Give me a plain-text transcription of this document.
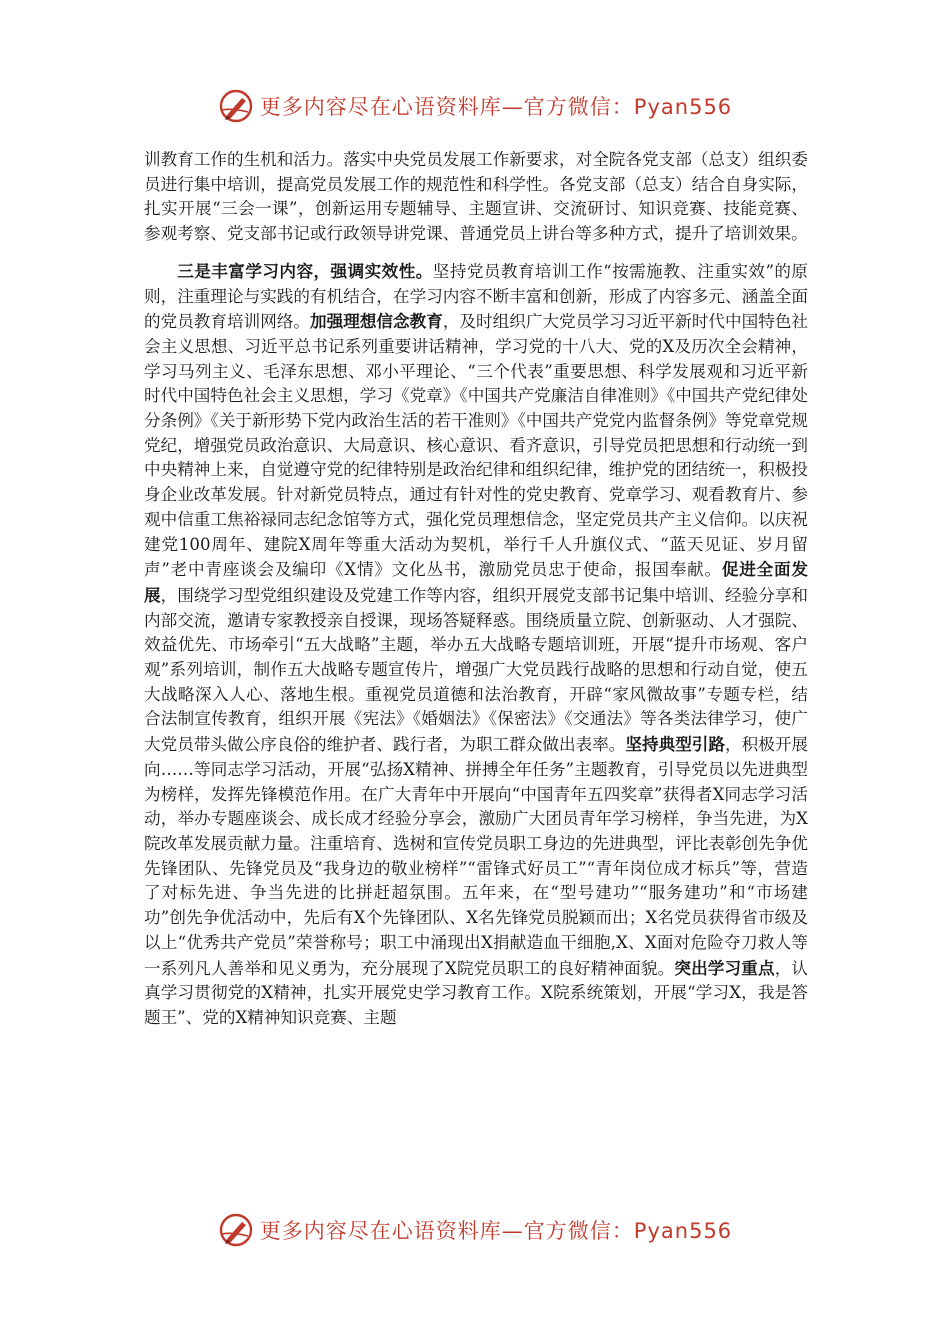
更多内容尽在心语资料库—官方微信：Pyan556

训教育工作的生机和活力。落实中央党员发展工作新要求，对全院各党支部（总支）组织委员进行集中培训，提高党员发展工作的规范性和科学性。各党支部（总支）结合自身实际，扎实开展“三会一课”，创新运用专题辅导、主题宣讲、交流研讨、知识竞赛、技能竞赛、参观考察、党支部书记或行政领导讲党课、普通党员上讲台等多种方式，提升了培训效果。

三是丰富学习内容，强调实效性。坚持党员教育培训工作“按需施教、注重实效”的原则，注重理论与实践的有机结合，在学习内容不断丰富和创新，形成了内容多元、涵盖全面的党员教育培训网络。加强理想信念教育，及时组织广大党员学习习近平新时代中国特色社会主义思想、习近平总书记系列重要讲话精神，学习党的十八大、党的X及历次全会精神，学习马列主义、毛泽东思想、邓小平理论、“三个代表”重要思想、科学发展观和习近平新时代中国特色社会主义思想，学习《党章》《中国共产党廉洁自律准则》《中国共产党纪律处分条例》《关于新形势下党内政治生活的若干准则》《中国共产党党内监督条例》等党章党规党纪，增强党员政治意识、大局意识、核心意识、看齐意识，引导党员把思想和行动统一到中央精神上来，自觉遵守党的纪律特别是政治纪律和组织纪律，维护党的团结统一，积极投身企业改革发展。针对新党员特点，通过有针对性的党史教育、党章学习、观看教育片、参观中信重工焦裕禄同志纪念馆等方式，强化党员理想信念，坚定党员共产主义信仰。以庆祝建党100周年、建院X周年等重大活动为契机，举行千人升旗仪式、“蓝天见证、岁月留声”老中青座谈会及编印《X情》文化丛书，激励党员忠于使命，报国奉献。促进全面发展，围绕学习型党组织建设及党建工作等内容，组织开展党支部书记集中培训、经验分享和内部交流，邀请专家教授亲自授课，现场答疑释惑。围绕质量立院、创新驱动、人才强院、效益优先、市场牵引“五大战略”主题，举办五大战略专题培训班，开展“提升市场观、客户观”系列培训，制作五大战略专题宣传片，增强广大党员践行战略的思想和行动自觉，使五大战略深入人心、落地生根。重视党员道德和法治教育，开辟“家风微故事”专题专栏，结合法制宣传教育，组织开展《宪法》《婚姻法》《保密法》《交通法》等各类法律学习，使广大党员带头做公序良俗的维护者、践行者，为职工群众做出表率。坚持典型引路，积极开展向……等同志学习活动，开展“弘扬X精神、拼搏全年任务”主题教育，引导党员以先进典型为榜样，发挥先锋模范作用。在广大青年中开展向“中国青年五四奖章”获得者X同志学习活动，举办专题座谈会、成长成才经验分享会，激励广大团员青年学习榜样，争当先进，为X院改革发展贡献力量。注重培育、选树和宣传党员职工身边的先进典型，评比表彰创先争优先锋团队、先锋党员及“我身边的敬业榜样”“雷锋式好员工”“青年岗位成才标兵”等，营造了对标先进、争当先进的比拼赶超氛围。五年来，在“型号建功”“服务建功”和“市场建功”创先争优活动中，先后有X个先锋团队、X名先锋党员脱颖而出；X名党员获得省市级及以上“优秀共产党员”荣誉称号；职工中涌现出X捐献造血干细胞,X、X面对危险夺刀救人等一系列凡人善举和见义勇为，充分展现了X院党员职工的良好精神面貌。突出学习重点，认真学习贯彻党的X精神，扎实开展党史学习教育工作。X院系统策划，开展“学习X，我是答题王”、党的X精神知识竞赛、主题

更多内容尽在心语资料库—官方微信：Pyan556
